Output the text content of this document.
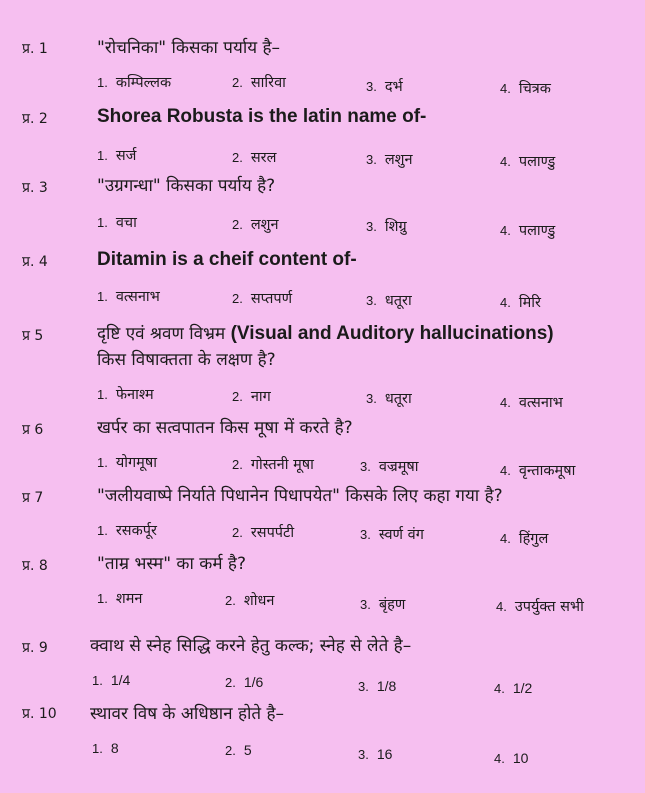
प्र. 1	"रोचनिका" किसका पर्याय है–
1. कम्पिल्लक	2. सारिवा	3. दर्भ	4. चित्रक
प्र. 2	Shorea Robusta is the latin name of-
1. सर्ज	2. सरल	3. लशुन	4. पलाण्डु
प्र. 3	"उग्रगन्धा" किसका पर्याय है?
1. वचा	2. लशुन	3. शिग्रु	4. पलाण्डु
प्र. 4	Ditamin is a cheif content of-
1. वत्सनाभ	2. सप्तपर्ण	3. धतूरा	4. मिरि
प्र 5	दृष्टि एवं श्रवण विभ्रम (Visual and Auditory hallucinations)
किस विषाक्तता के लक्षण है?
1. फेनाश्म	2. नाग	3. धतूरा	4. वत्सनाभ
प्र 6	खर्पर का सत्वपातन किस मूषा में करते है?
1. योगमूषा	2. गोस्तनी मूषा	3. वज्रमूषा	4. वृन्ताकमूषा
प्र 7	"जलीयवाष्पे निर्याते पिधानेन पिधापयेत" किसके लिए कहा गया है?
1. रसकर्पूर	2. रसपर्पटी	3. स्वर्ण वंग	4. हिंगुल
प्र. 8	"ताम्र भस्म" का कर्म है?
1. शमन	2. शोधन	3. बृंहण	4. उपर्युक्त सभी
प्र. 9 क्वाथ से स्नेह सिद्धि करने हेतु कल्क; स्नेह से लेते है–
1. 1/4	2. 1/6	3. 1/8	4. 1/2
प्र. 10 स्थावर विष के अधिष्ठान होते है–
1. 8	2. 5	3. 16	4. 10
